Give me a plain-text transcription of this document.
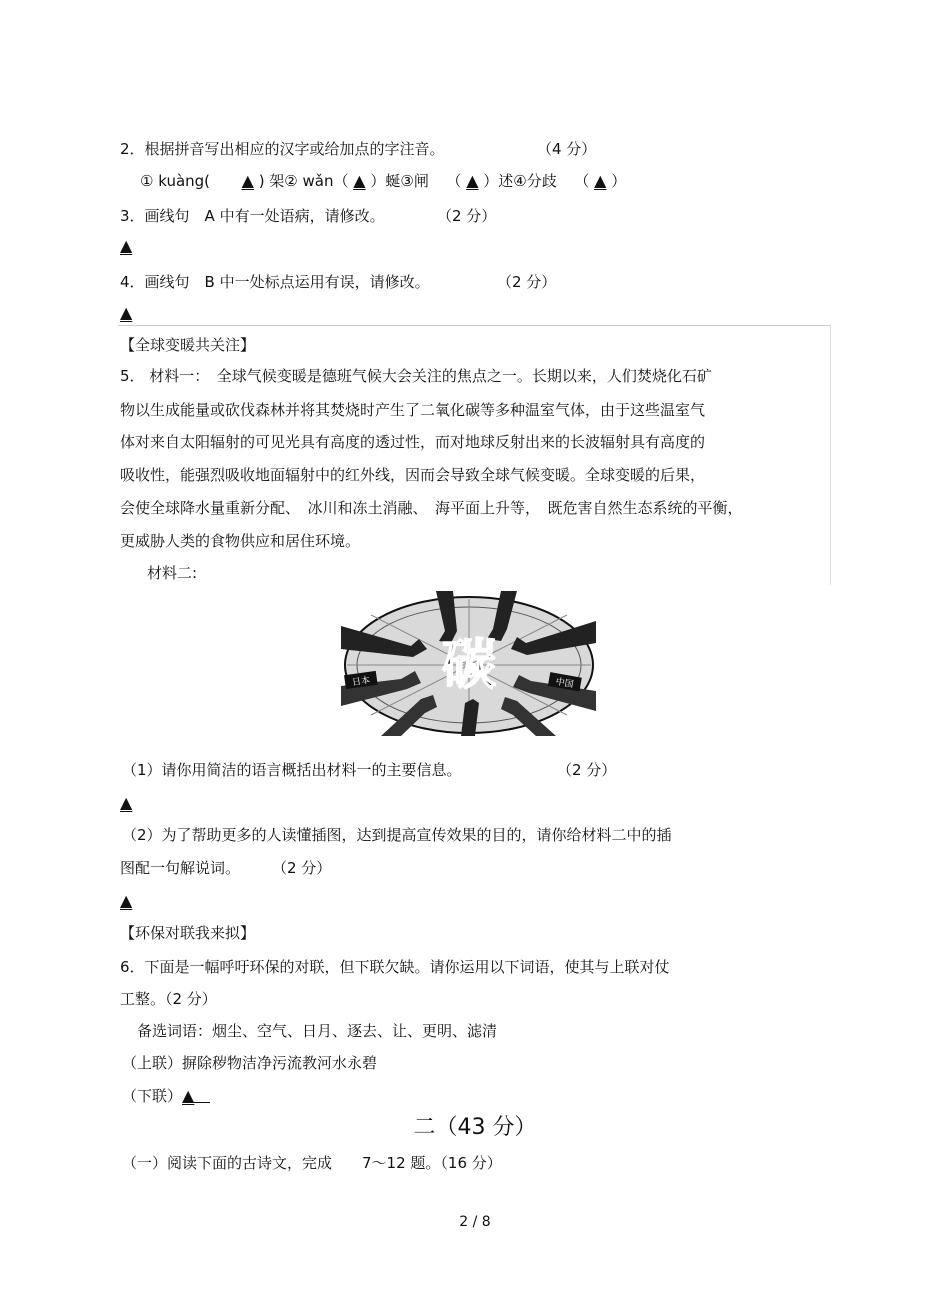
2．根据拼音写出相应的汉字或给加点的字注音。	（4 分）
① kuàng( ▲ ) 架② wǎn（ ▲ ）蜒③闸 （ ▲ ）述④分歧 （ ▲ ）
3．画线句　A 中有一处语病，请修改。	（2 分）
▲
4．画线句　B 中一处标点运用有误，请修改。	（2 分）
▲
【全球变暖共关注】
5． 材料一：　全球气候变暖是德班气候大会关注的焦点之一。长期以来，人们焚烧化石矿
物以生成能量或砍伐森林并将其焚烧时产生了二氧化碳等多种温室气体，由于这些温室气
体对来自太阳辐射的可见光具有高度的透过性，而对地球反射出来的长波辐射具有高度的
吸收性，能强烈吸收地面辐射中的红外线，因而会导致全球气候变暖。全球变暖的后果，
会使全球降水量重新分配、　冰川和冻土消融、　海平面上升等，　既危害自然生态系统的平衡，
更威胁人类的食物供应和居住环境。
材料二:
日本	中国
碳
（1）请你用简洁的语言概括出材料一的主要信息。	（2 分）
▲
（2）为了帮助更多的人读懂插图，达到提高宣传效果的目的，请你给材料二中的插
图配一句解说词。 （2 分）
▲
【环保对联我来拟】
6．下面是一幅呼吁环保的对联，但下联欠缺。请你运用以下词语，使其与上联对仗
工整。（2 分）
备选词语：烟尘、空气、日月、逐去、让、更明、滤清
（上联）摒除秽物洁净污流教河水永碧
（下联）▲
二（43 分）
（一）阅读下面的古诗文，完成　　7～12 题。（16 分）
2 / 8
